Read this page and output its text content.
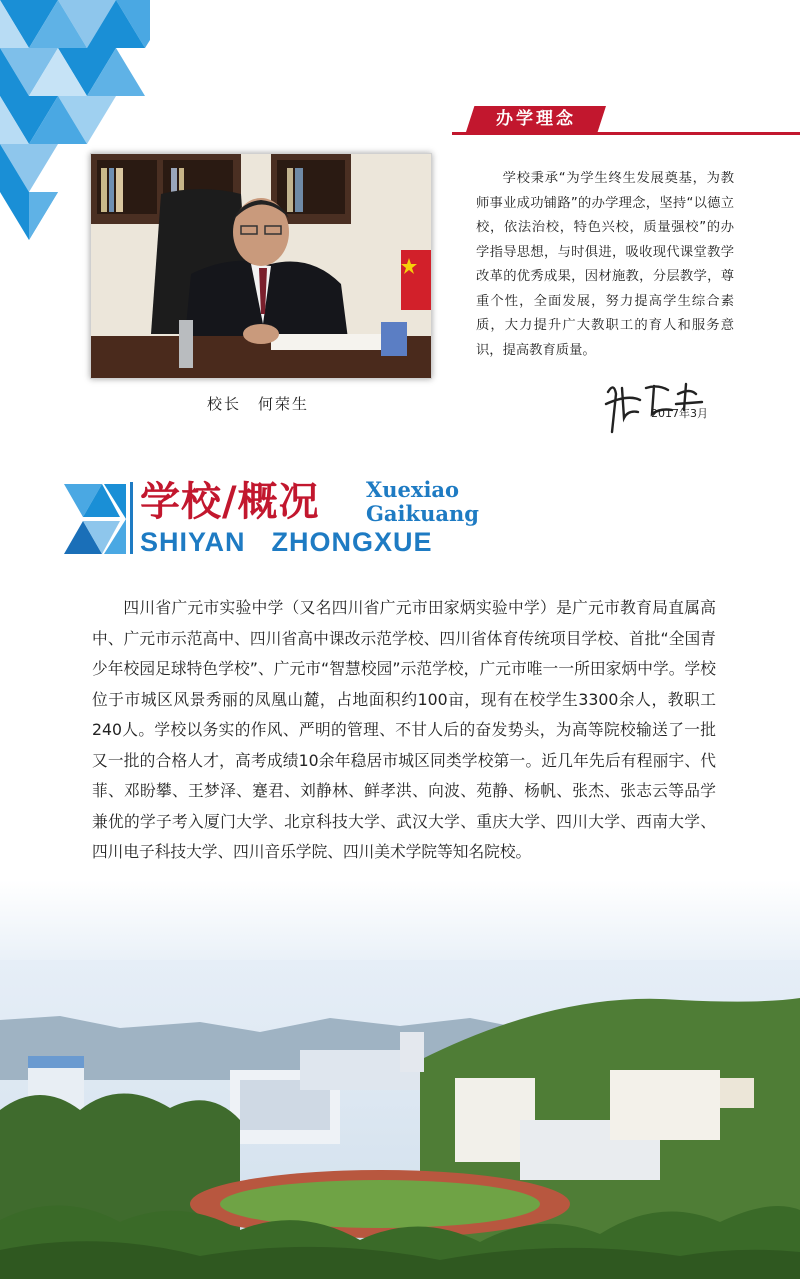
办学理念
校长　何荣生
学校秉承“为学生终生发展奠基，为教师事业成功铺路”的办学理念，坚持“以德立校，依法治校，特色兴校，质量强校”的办学指导思想，与时俱进，吸收现代课堂教学改革的优秀成果，因材施教，分层教学，尊重个性，全面发展，努力提高学生综合素质，大力提升广大教职工的育人和服务意识，提高教育质量。
2017年3月
学校/概况 Xuexiao
Gaikuang
SHIYAN ZHONGXUE
四川省广元市实验中学（又名四川省广元市田家炳实验中学）是广元市教育局直属高中、广元市示范高中、四川省高中课改示范学校、四川省体育传统项目学校、首批“全国青少年校园足球特色学校”、广元市“智慧校园”示范学校，广元市唯一一所田家炳中学。学校位于市城区风景秀丽的凤凰山麓，占地面积约100亩，现有在校学生3300余人，教职工240人。学校以务实的作风、严明的管理、不甘人后的奋发势头，为高等院校输送了一批又一批的合格人才，高考成绩10余年稳居市城区同类学校第一。近几年先后有程丽宇、代菲、邓盼攀、王梦泽、蹇君、刘静林、鲜孝洪、向波、苑静、杨帆、张杰、张志云等品学兼优的学子考入厦门大学、北京科技大学、武汉大学、重庆大学、四川大学、西南大学、四川电子科技大学、四川音乐学院、四川美术学院等知名院校。
